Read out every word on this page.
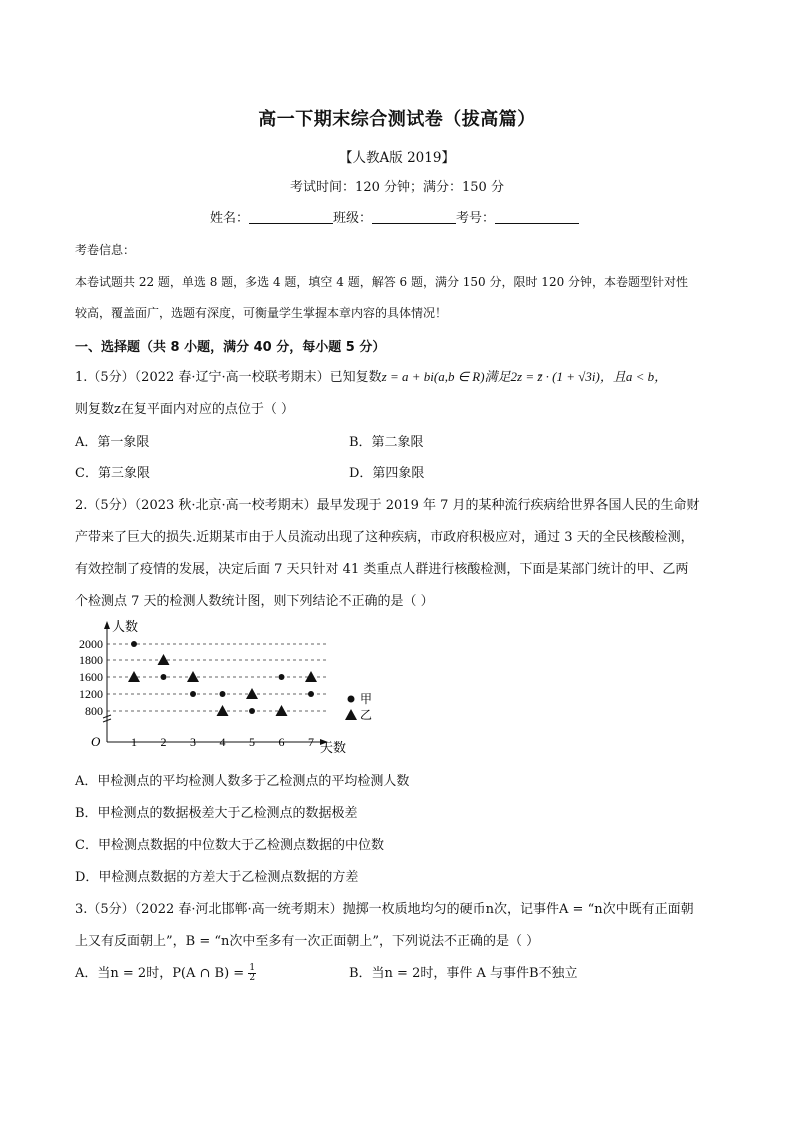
高一下期末综合测试卷（拔高篇）
【人教A版 2019】
考试时间：120 分钟；满分：150 分
姓名：	班级：	考号：
考卷信息：
本卷试题共 22 题，单选 8 题，多选 4 题，填空 4 题，解答 6 题，满分 150 分，限时 120 分钟，本卷题型针对性
较高，覆盖面广，选题有深度，可衡量学生掌握本章内容的具体情况！
一、选择题（共 8 小题，满分 40 分，每小题 5 分）
1.（5分）（2022 春·辽宁·高一校联考期末）已知复数z = a + bi(a,b ∈ R)满足2z = z̄ · (1 + √3i)，且a < b，
则复数z在复平面内对应的点位于（ ）
A．第一象限	B．第二象限
C．第三象限	D．第四象限
2.（5分）（2023 秋·北京·高一校考期末）最早发现于 2019 年 7 月的某种流行疾病给世界各国人民的生命财
产带来了巨大的损失.近期某市由于人员流动出现了这种疾病，市政府积极应对，通过 3 天的全民核酸检测，
有效控制了疫情的发展，决定后面 7 天只针对 41 类重点人群进行核酸检测，下面是某部门统计的甲、乙两
个检测点 7 天的检测人数统计图，则下列结论不正确的是（ ）
人数
天数
O
800
1200
1600
1800
2000
1 2 3 4 5 6 7
甲
乙
A．甲检测点的平均检测人数多于乙检测点的平均检测人数
B．甲检测点的数据极差大于乙检测点的数据极差
C．甲检测点数据的中位数大于乙检测点数据的中位数
D．甲检测点数据的方差大于乙检测点数据的方差
3.（5分）（2022 春·河北邯郸·高一统考期末）抛掷一枚质地均匀的硬币n次，记事件A = “n次中既有正面朝
上又有反面朝上”，B = “n次中至多有一次正面朝上”，下列说法不正确的是（ ）
A．当n = 2时，P(A ∩ $B) = \frac{1}{2}$	B．当n = 2时，事件 A 与事件B不独立
